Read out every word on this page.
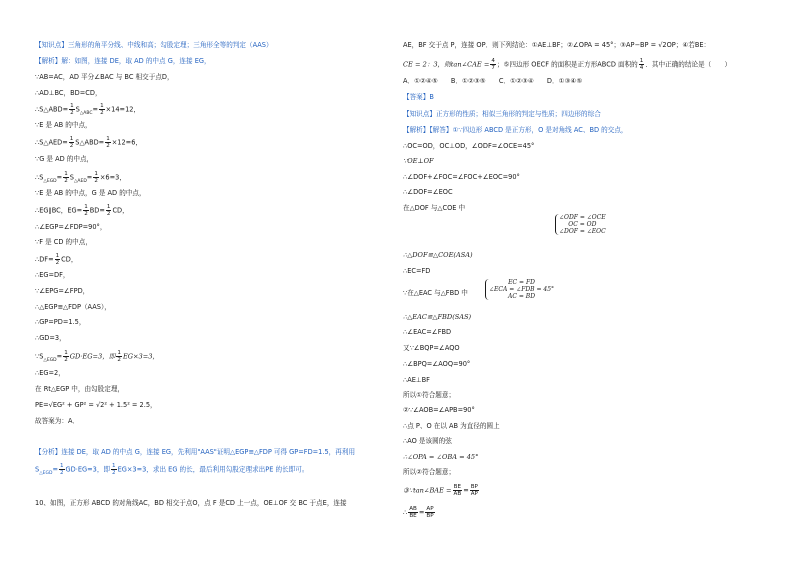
【知识点】三角形的角平分线、中线和高；勾股定理；三角形全等的判定（AAS）
【解析】解：如图，连接 DE，取 AD 的中点 G，连接 EG，
∵AB=AC，AD 平分∠BAC 与 BC 相交于点D，
∴AD⊥BC，BD=CD，
∴S△ABD= $\frac{1}{2} S_{\triangle ABC}= \frac{1}{2} \times 14=12$，
∵E 是 AB 的中点，
∴S△AED= $\frac{1}{2}$ S△ABD= $\frac{1}{2} \times 12=6$，
∵G 是 AD 的中点，
$\therefore S_{\triangle EGD}= \frac{1}{2} S_{\triangle AED}= \frac{1}{2} \times 6=3$，
∵E 是 AB 的中点，G 是 AD 的中点，
∴EG∥BC，$EG= \frac{1}{2} BD= \frac{1}{2}$ CD，
∴∠EGP=∠FDP=90°，
∵F 是 CD 的中点，
∴DF= $\frac{1}{2}$ CD，
∴EG=DF，
∵∠EPG=∠FPD，
∴△EGP≌△FDP（AAS），
∴GP=PD=1.5，
∴GD=3，
$\because S_{\triangle EGD}= \frac{1}{2} GD\cdot EG=3$，即 $\frac{1}{2} EG\times 3=3$，
∴EG=2，
在 Rt△EGP 中，由勾股定理，
PE=√EG² + GP² = √2² + 1.5² = 2.5，
故答案为：A．
【分析】连接 DE，取 AD 的中点 G，连接 EG，先利用"AAS"证明△EGP≌△FDP 可得 GP=FD=1.5，再利用
$S_{\triangle EGD}= \frac{1}{2} GD\cdot EG=3$，即 $\frac{1}{2} EG\times 3=3$，求出 EG 的长，最后利用勾股定理求出PE 的长即可。
10、如图，正方形 ABCD 的对角线AC，BD 相交于点O，点 F 是CD 上一点，OE⊥OF 交 BC 于点E，连接
AE，BF 交于点 P，连接 OP．则下列结论：①AE⊥BF；②∠OPA = 45°；③AP−BP = √2OP；④若BE：
CE = 2：3，则tan∠CAE = $\frac{4}{7}$ ；⑤四边形 OECF 的面积是正方形ABCD 面积的 $\frac{1}{4}$ ．其中正确的结论是（　　）
A．①②④⑤　　B．①②③⑤　　C．①②③④　　D．①③④⑤
【答案】B
【知识点】正方形的性质；相似三角形的判定与性质；四边形的综合
【解析】【解答】①∵四边形 ABCD 是正方形，O 是对角线 AC、BD 的交点，
∴OC=OD，OC⊥OD，∠ODF=∠OCE=45°
∵OE⊥OF
∴∠DOF+∠FOC=∠FOC+∠EOC=90°
∴∠DOF=∠EOC
在△DOF 与△COE 中
∠ODF = ∠OCE
OC = OD
∠DOF = ∠EOC
∴△DOF≌△COE(ASA)
∴EC=FD
∵在△EAC 与△FBD 中
EC = FD
∠ECA = ∠FDB = 45°
AC = BD
∴△EAC≌△FBD(SAS)
∴∠EAC=∠FBD
又∵∠BQP=∠AQO
∴∠BPQ=∠AOQ=90°
∴AE⊥BF
所以①符合题意；
②∵∠AOB=∠APB=90°
∴点 P、O 在以 AB 为直径的圆上
∴AO 是该圆的弦
∴∠OPA = ∠OBA = 45°
所以②符合题意；
③∵tan∠BAE = $\frac{BE}{AB} = \frac{BP}{AP}$
∴ $\frac{AB}{BE} = \frac{AP}{BP}$
